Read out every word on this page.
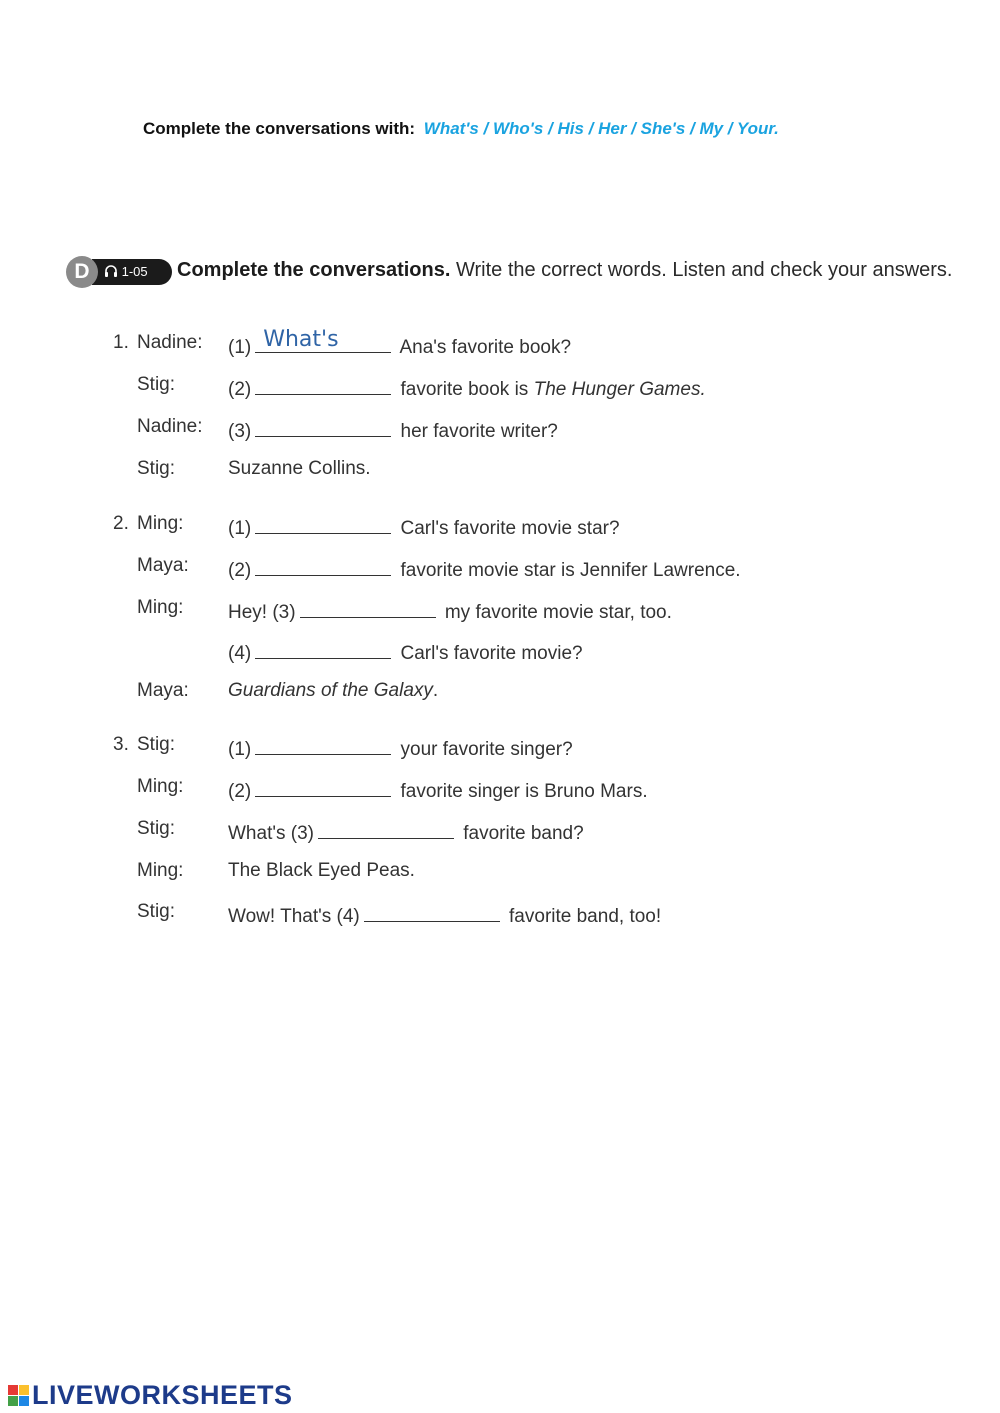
Complete the conversations with: What's / Who's / His / Her / She's / My / Your.
D	1-05	Complete the conversations. Write the correct words. Listen and check your answers.
1. Nadine: (1) What's	Ana's favorite book?
Stig:	(2)	favorite book is The Hunger Games.
Nadine: (3)	her favorite writer?
Stig:	Suzanne Collins.
2. Ming: (1)	Carl's favorite movie star?
Maya: (2)	favorite movie star is Jennifer Lawrence.
Ming: Hey! (3)	my favorite movie star, too.
(4)	Carl's favorite movie?
Maya: Guardians of the Galaxy.
3. Stig:	(1)	your favorite singer?
Ming: (2)	favorite singer is Bruno Mars.
Stig:	What's (3)	favorite band?
Ming: The Black Eyed Peas.
Stig:	Wow! That's (4)	favorite band, too!
LIVEWORKSHEETS
